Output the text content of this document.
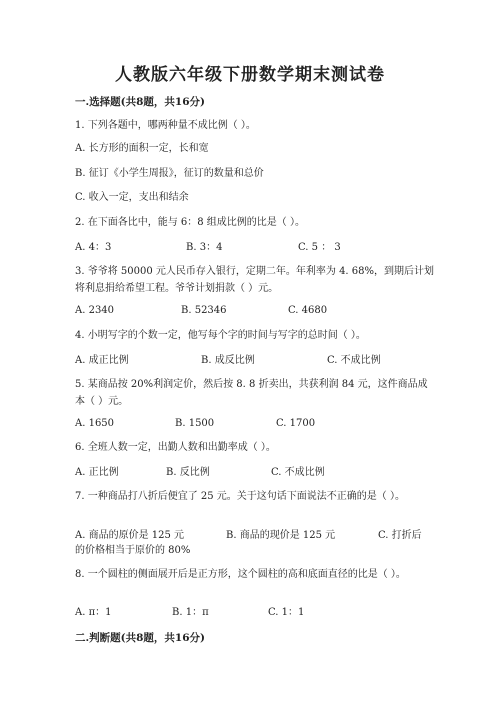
人教版六年级下册数学期末测试卷
一.选择题(共8题，共16分)
1. 下列各题中，哪两种量不成比例（ ）。
A. 长方形的面积一定，长和宽
B. 征订《小学生周报》，征订的数量和总价
C. 收入一定，支出和结余
2. 在下面各比中，能与 6：8 组成比例的比是（ ）。
A. 4：3	B. 3：4	C. 5 ： 3
3. 爷爷将 50000 元人民币存入银行，定期二年。年利率为 4. 68%，到期后计划将利息捐给希望工程。爷爷计划捐款（ ）元。
A. 2340	B. 52346	C. 4680
4. 小明写字的个数一定，他写每个字的时间与写字的总时间（ ）。
A. 成正比例	B. 成反比例	C. 不成比例
5. 某商品按 20%利润定价，然后按 8. 8 折卖出，共获利润 84 元，这件商品成本（ ）元。
A. 1650	B. 1500	C. 1700
6. 全班人数一定，出勤人数和出勤率成（ ）。
A. 正比例	B. 反比例	C. 不成比例
7. 一种商品打八折后便宜了 25 元。关于这句话下面说法不正确的是（ ）。
A. 商品的原价是 125 元	B. 商品的现价是 125 元	C. 打折后
的价格相当于原价的 80%
8. 一个圆柱的侧面展开后是正方形，这个圆柱的高和底面直径的比是（ ）。
A. π：1	B. 1：π	C. 1：1
二.判断题(共8题，共16分)
